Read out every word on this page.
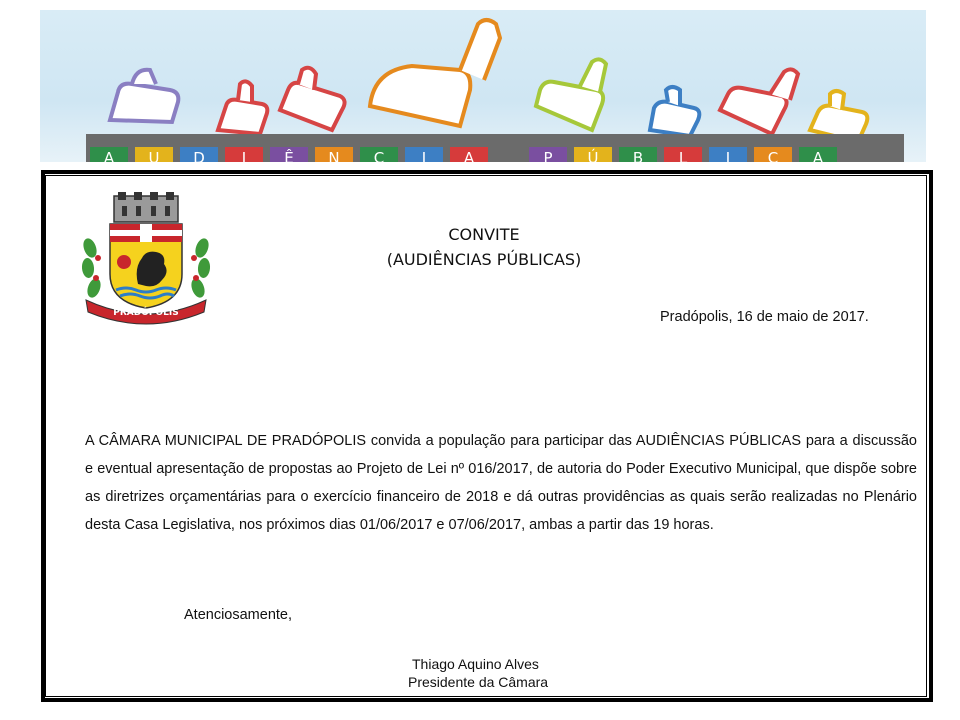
A	U	D	I	Ê	N	C	I	A	P	Ú	B	L	I	C	A
PRADÓPOLIS
CONVITE
(AUDIÊNCIAS PÚBLICAS)
Pradópolis, 16 de maio de 2017.
A CÂMARA MUNICIPAL DE PRADÓPOLIS convida a população para participar das AUDIÊNCIAS PÚBLICAS para a discussão e eventual apresentação de propostas ao Projeto de Lei nº 016/2017, de autoria do Poder Executivo Municipal, que dispõe sobre as diretrizes orçamentárias para o exercício financeiro de 2018 e dá outras providências as quais serão realizadas no Plenário desta Casa Legislativa, nos próximos dias 01/06/2017 e 07/06/2017, ambas a partir das 19 horas.
Atenciosamente,
Thiago Aquino Alves
Presidente da Câmara
